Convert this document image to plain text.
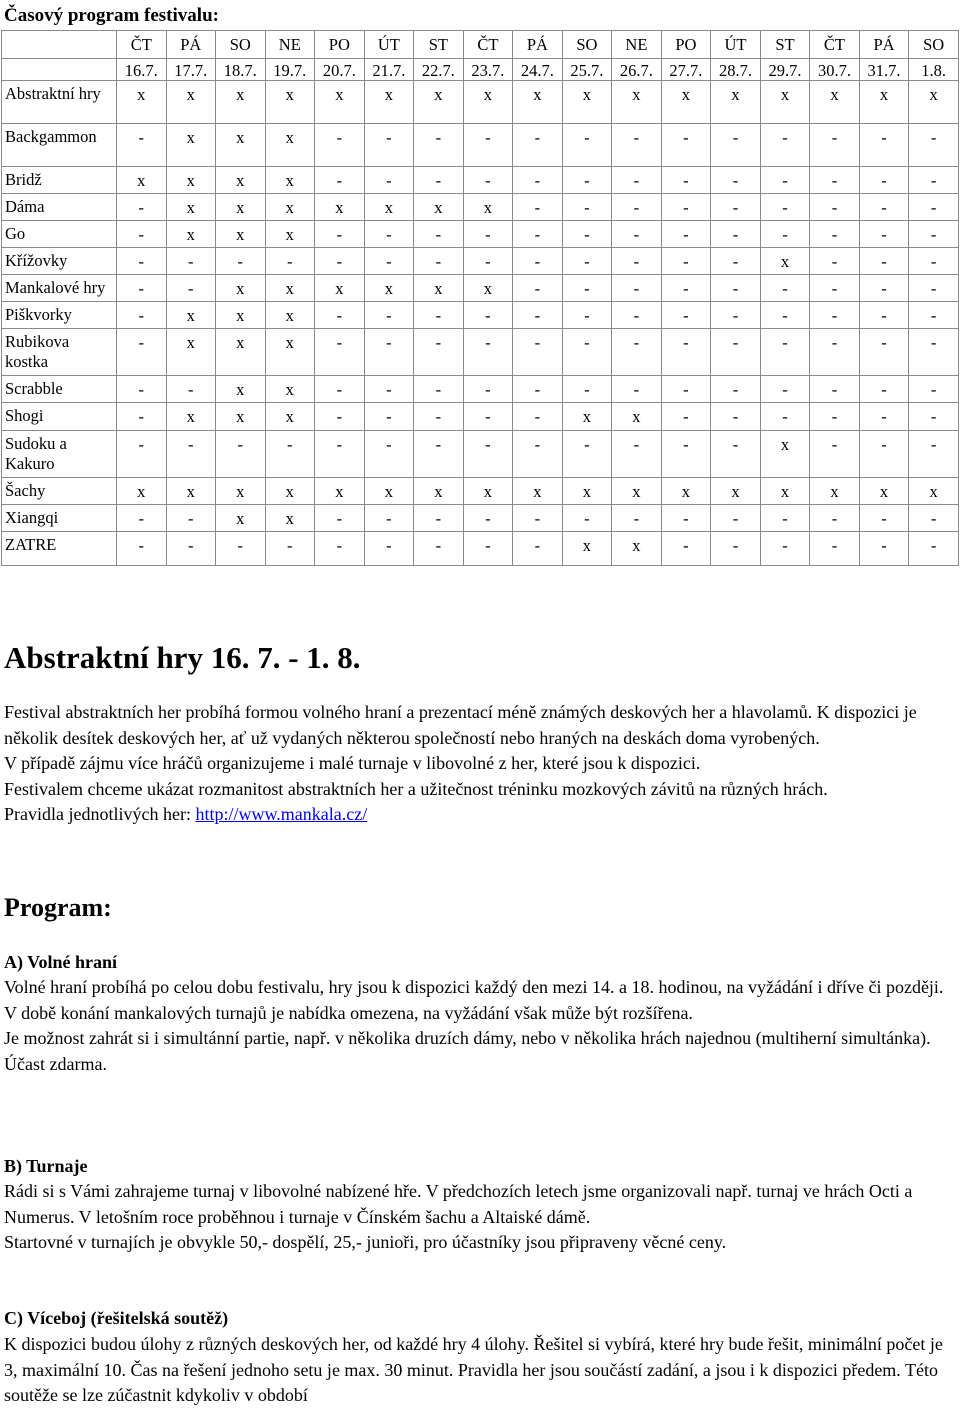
Časový program festivalu:
	ČT	PÁ	SO	NE	PO	ÚT	ST	ČT	PÁ	SO	NE	PO	ÚT	ST	ČT	PÁ	SO
	16.7.	17.7.	18.7.	19.7.	20.7.	21.7.	22.7.	23.7.	24.7.	25.7.	26.7.	27.7.	28.7.	29.7.	30.7.	31.7.	1.8.
Abstraktní hry	x	x	x	x	x	x	x	x	x	x	x	x	x	x	x	x	x
Backgammon	-	x	x	x	-	-	-	-	-	-	-	-	-	-	-	-	-
Bridž	x	x	x	x	-	-	-	-	-	-	-	-	-	-	-	-	-
Dáma	-	x	x	x	x	x	x	x	-	-	-	-	-	-	-	-	-
Go	-	x	x	x	-	-	-	-	-	-	-	-	-	-	-	-	-
Křížovky	-	-	-	-	-	-	-	-	-	-	-	-	-	x	-	-	-
Mankalové hry	-	-	x	x	x	x	x	x	-	-	-	-	-	-	-	-	-
Piškvorky	-	x	x	x	-	-	-	-	-	-	-	-	-	-	-	-	-
Rubikova kostka	-	x	x	x	-	-	-	-	-	-	-	-	-	-	-	-	-
Scrabble	-	-	x	x	-	-	-	-	-	-	-	-	-	-	-	-	-
Shogi	-	x	x	x	-	-	-	-	-	x	x	-	-	-	-	-	-
Sudoku a Kakuro	-	-	-	-	-	-	-	-	-	-	-	-	-	x	-	-	-
Šachy	x	x	x	x	x	x	x	x	x	x	x	x	x	x	x	x	x
Xiangqi	-	-	x	x	-	-	-	-	-	-	-	-	-	-	-	-	-
ZATRE	-	-	-	-	-	-	-	-	-	x	x	-	-	-	-	-	-
Abstraktní hry 16. 7. - 1. 8.

Festival abstraktních her probíhá formou volného hraní a prezentací méně známých deskových her a hlavolamů. K dispozici je několik desítek deskových her, ať už vydaných některou společností nebo hraných na deskách doma vyrobených.

V případě zájmu více hráčů organizujeme i malé turnaje v libovolné z her, které jsou k dispozici.

Festivalem chceme ukázat rozmanitost abstraktních her a užitečnost tréninku mozkových závitů na různých hrách.

Pravidla jednotlivých her: http://www.mankala.cz/

Program:
A) Volné hraní

Volné hraní probíhá po celou dobu festivalu, hry jsou k dispozici každý den mezi 14. a 18. hodinou, na vyžádání i dříve či později. V době konání mankalových turnajů je nabídka omezena, na vyžádání však může být rozšířena.

Je možnost zahrát si i simultánní partie, např. v několika druzích dámy, nebo v několika hrách najednou (multiherní simultánka).

Účast zdarma.

B) Turnaje

Rádi si s Vámi zahrajeme turnaj v libovolné nabízené hře. V předchozích letech jsme organizovali např. turnaj ve hrách Octi a Numerus. V letošním roce proběhnou i turnaje v Čínském šachu a Altaiské dámě.

Startovné v turnajích je obvykle 50,- dospělí, 25,- junioři, pro účastníky jsou připraveny věcné ceny.

C) Víceboj (řešitelská soutěž)

K dispozici budou úlohy z různých deskových her, od každé hry 4 úlohy. Řešitel si vybírá, které hry bude řešit, minimální počet je 3, maximální 10. Čas na řešení jednoho setu je max. 30 minut. Pravidla her jsou součástí zadání, a jsou i k dispozici předem. Této soutěže se lze zúčastnit kdykoliv v období
